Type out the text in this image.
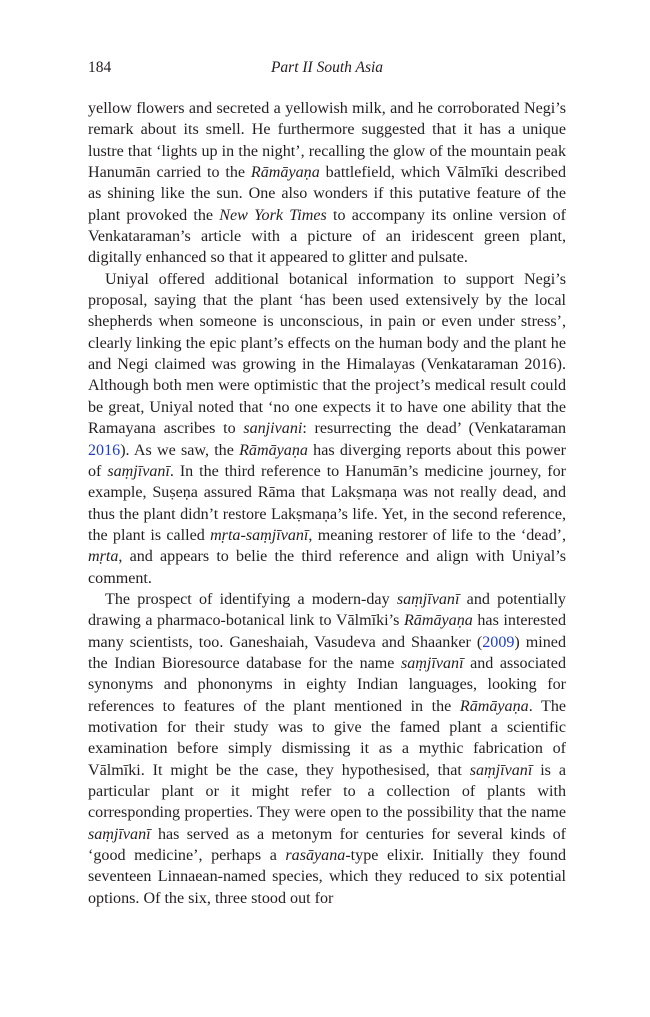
184	Part II South Asia

yellow flowers and secreted a yellowish milk, and he corroborated Negi’s remark about its smell. He furthermore suggested that it has a unique lustre that ‘lights up in the night’, recalling the glow of the mountain peak Hanumān carried to the Rāmāyaṇa battlefield, which Vālmīki described as shining like the sun. One also wonders if this putative feature of the plant provoked the New York Times to accompany its online version of Venkataraman’s article with a picture of an iridescent green plant, digitally enhanced so that it appeared to glitter and pulsate.

Uniyal offered additional botanical information to support Negi’s proposal, saying that the plant ‘has been used extensively by the local shepherds when someone is unconscious, in pain or even under stress’, clearly linking the epic plant’s effects on the human body and the plant he and Negi claimed was growing in the Himalayas (Venkataraman 2016). Although both men were optimistic that the project’s medical result could be great, Uniyal noted that ‘no one expects it to have one ability that the Ramayana ascribes to sanjivani: resurrecting the dead’ (Venkataraman 2016). As we saw, the Rāmāyaṇa has diverging reports about this power of saṃjīvanī. In the third reference to Hanumān’s medicine journey, for example, Suṣeṇa assured Rāma that Lakṣmaṇa was not really dead, and thus the plant didn’t restore Lakṣmaṇa’s life. Yet, in the second reference, the plant is called mṛta-saṃjīvanī, meaning restorer of life to the ‘dead’, mṛta, and appears to belie the third reference and align with Uniyal’s comment.

The prospect of identifying a modern-day saṃjīvanī and potentially drawing a pharmaco-botanical link to Vālmīki’s Rāmāyaṇa has interested many scientists, too. Ganeshaiah, Vasudeva and Shaanker (2009) mined the Indian Bioresource database for the name saṃjīvanī and associated synonyms and phononyms in eighty Indian languages, looking for references to features of the plant mentioned in the Rāmāyaṇa. The motivation for their study was to give the famed plant a scientific examination before simply dismissing it as a mythic fabrication of Vālmīki. It might be the case, they hypothesised, that saṃjīvanī is a particular plant or it might refer to a collection of plants with corresponding properties. They were open to the possibility that the name saṃjīvanī has served as a metonym for centuries for several kinds of ‘good medicine’, perhaps a rasāyana-type elixir. Initially they found seventeen Linnaean-named species, which they reduced to six potential options. Of the six, three stood out for
